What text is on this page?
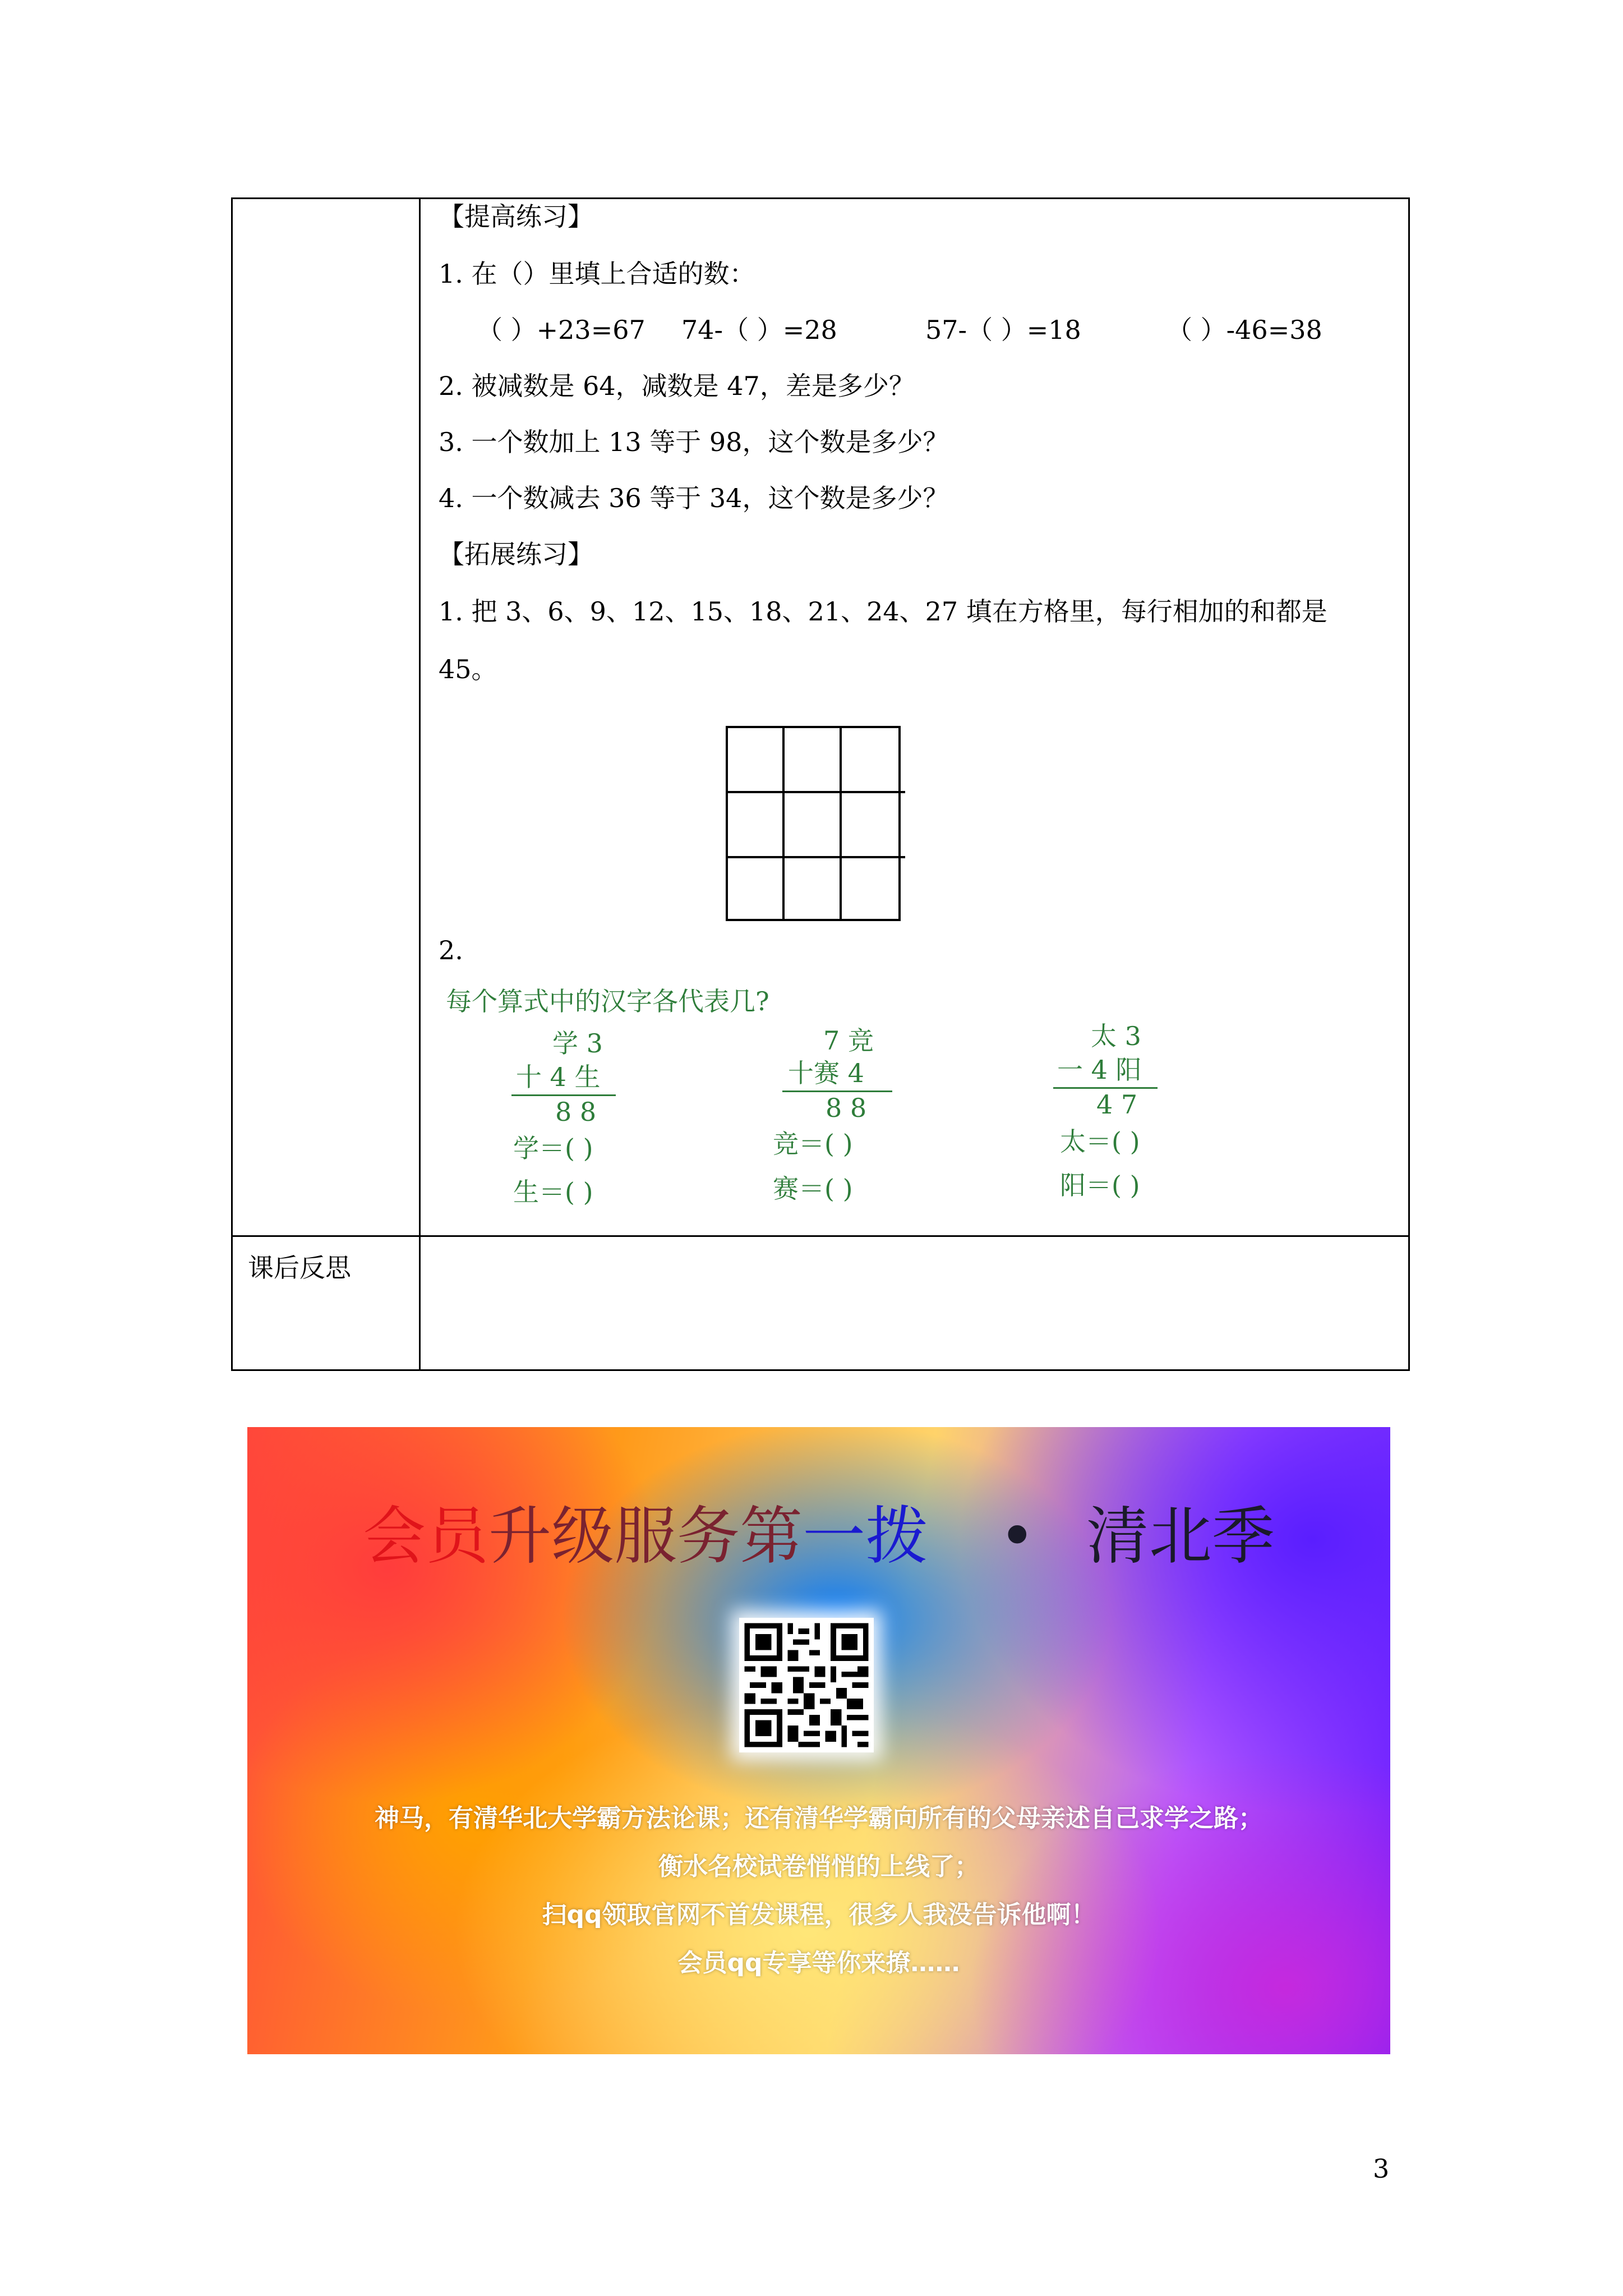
【提高练习】
1. 在（）里填上合适的数：
（ ）+23=67 74-（ ）=28	57-（ ）=18	（ ）-46=38
2. 被减数是 64，减数是 47，差是多少？
3. 一个数加上 13 等于 98，这个数是多少？
4. 一个数减去 36 等于 34，这个数是多少？
【拓展练习】
1. 把 3、6、9、12、15、18、21、24、27 填在方格里，每行相加的和都是
45。
2.
每个算式中的汉字各代表几?
学 3
十 4 生
8 8
学＝( )
生＝( )
7 竞
十赛 4
8 8
竞＝( )
赛＝( )
太 3
一 4 阳
4 7
太＝( )
阳＝( )
课后反思
会员升级服务第一拨 • 清北季
神马，有清华北大学霸方法论课；还有清华学霸向所有的父母亲述自己求学之路；
衡水名校试卷悄悄的上线了；
扫qq领取官网不首发课程，很多人我没告诉他啊！
会员qq专享等你来撩……
3
